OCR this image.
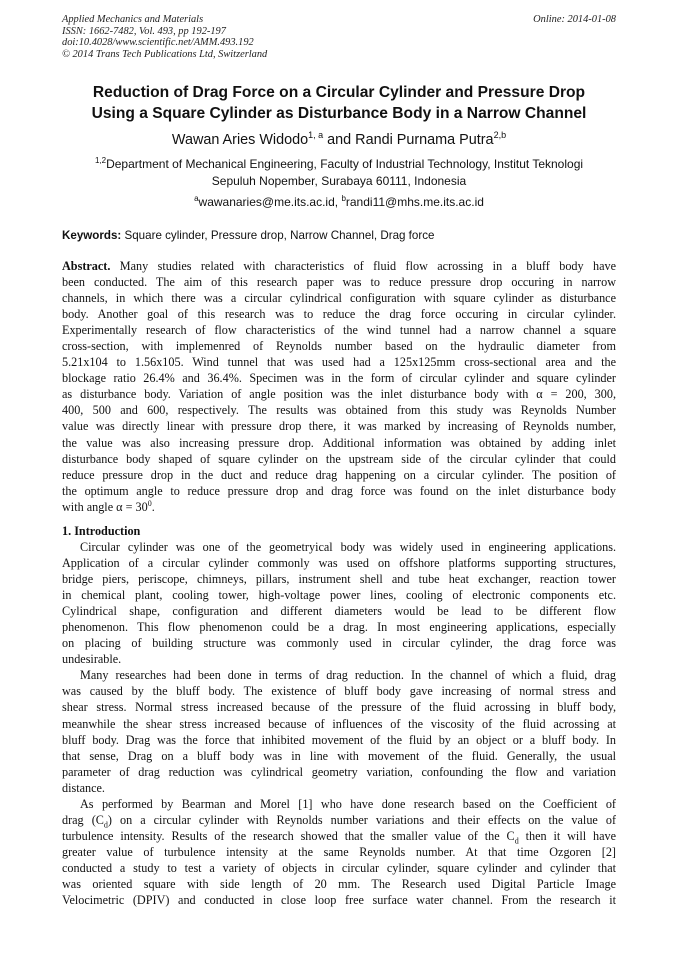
Applied Mechanics and Materials
ISSN: 1662-7482, Vol. 493, pp 192-197
doi:10.4028/www.scientific.net/AMM.493.192
© 2014 Trans Tech Publications Ltd, Switzerland
Online: 2014-01-08
Reduction of Drag Force on a Circular Cylinder and Pressure Drop
Using a Square Cylinder as Disturbance Body in a Narrow Channel
Wawan Aries Widodo$^{1, a}$ and Randi Purnama Putra$^{2,b}$
$^{1,2}$Department of Mechanical Engineering, Faculty of Industrial Technology, Institut Teknologi
Sepuluh Nopember, Surabaya 60111, Indonesia
$^a$wawanaries@me.its.ac.id, $^b$randi11@mhs.me.its.ac.id
Keywords: Square cylinder, Pressure drop, Narrow Channel, Drag force
Abstract. Many studies related with characteristics of fluid flow acrossing in a bluff body have
been conducted. The aim of this research paper was to reduce pressure drop occuring in narrow
channels, in which there was a circular cylindrical configuration with square cylinder as disturbance
body. Another goal of this research was to reduce the drag force occuring in circular cylinder.
Experimentally research of flow characteristics of the wind tunnel had a narrow channel a square
cross-section, with implemenred of Reynolds number based on the hydraulic diameter from
5.21x104 to 1.56x105. Wind tunnel that was used had a 125x125mm cross-sectional area and the
blockage ratio 26.4% and 36.4%. Specimen was in the form of circular cylinder and square cylinder
as disturbance body. Variation of angle position was the inlet disturbance body with α = 200, 300,
400, 500 and 600, respectively. The results was obtained from this study was Reynolds Number
value was directly linear with pressure drop there, it was marked by increasing of Reynolds number,
the value was also increasing pressure drop. Additional information was obtained by adding inlet
disturbance body shaped of square cylinder on the upstream side of the circular cylinder that could
reduce pressure drop in the duct and reduce drag happening on a circular cylinder. The position of
the optimum angle to reduce pressure drop and drag force was found on the inlet disturbance body
with angle $\alpha = 30^0$.
1. Introduction
Circular cylinder was one of the geometryical body was widely used in engineering applications.
Application of a circular cylinder commonly was used on offshore platforms supporting structures,
bridge piers, periscope, chimneys, pillars, instrument shell and tube heat exchanger, reaction tower
in chemical plant, cooling tower, high-voltage power lines, cooling of electronic components etc.
Cylindrical shape, configuration and different diameters would be lead to be different flow
phenomenon. This flow phenomenon could be a drag. In most engineering applications, especially
on placing of building structure was commonly used in circular cylinder, the drag force was
undesirable.
Many researches had been done in terms of drag reduction. In the channel of which a fluid, drag
was caused by the bluff body. The existence of bluff body gave increasing of normal stress and
shear stress. Normal stress increased because of the pressure of the fluid acrossing in bluff body,
meanwhile the shear stress increased because of influences of the viscosity of the fluid acrossing at
bluff body. Drag was the force that inhibited movement of the fluid by an object or a bluff body. In
that sense, Drag on a bluff body was in line with movement of the fluid. Generally, the usual
parameter of drag reduction was cylindrical geometry variation, confounding the flow and variation
distance.
As performed by Bearman and Morel [1] who have done research based on the Coefficient of
drag $(C_d)$ on a circular cylinder with Reynolds number variations and their effects on the value of
turbulence intensity. Results of the research showed that the smaller value of the $C_d$ then it will have
greater value of turbulence intensity at the same Reynolds number. At that time Ozgoren [2]
conducted a study to test a variety of objects in circular cylinder, square cylinder and cylinder that
was oriented square with side length of 20 mm. The Research used Digital Particle Image
Velocimetric (DPIV) and conducted in close loop free surface water channel. From the research it
